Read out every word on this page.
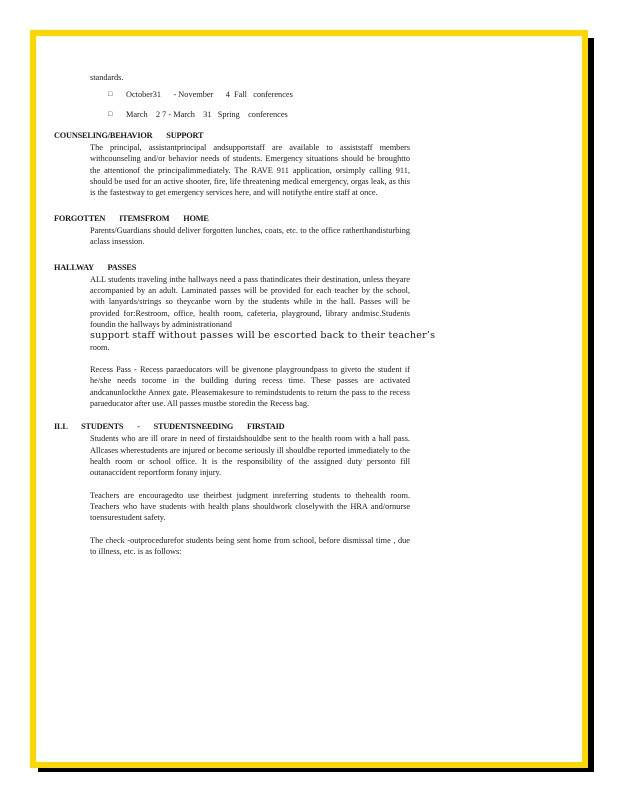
standards.
□	October31      - November      4  Fall   conferences
□	March    2 7 - March    31   Spring    conferences
COUNSELING/BEHAVIOR SUPPORT

The principal, assistantprincipal andsupportstaff are available to assiststaff members withcounseling and/or behavior needs of students. Emergency situations should be broughtto the attentionof the principalimmediately. The RAVE 911 application, orsimply calling 911, should be used for an active shooter, fire, life threatening medical emergency, orgas leak, as this is the fastestway to get emergency services here, and will notifythe entire staff at once.

FORGOTTEN ITEMSFROM HOME

Parents/Guardians should deliver forgotten lunches, coats, etc. to the office ratherthandisturbing aclass insession.

HALLWAY PASSES

ALL students traveling inthe hallways need a pass thatindicates their destination, unless theyare accompanied by an adult. Laminated passes will be provided for each teacher by the school, with lanyards/strings so theycanbe worn by the students while in the hall. Passes will be provided for:Restroom, office, health room, cafeteria, playground, library andmisc.Students foundin the hallways by administrationand

support staff without passes will be escorted back to their teacher’s
room.

Recess Pass - Recess paraeducators will be givenone playgroundpass to giveto the student if he/she needs tocome in the building during recess time. These passes are activated andcanunlockthe Annex gate. Pleasemakesure to remindstudents to return the pass to the recess paraeducator after use. All passes mustbe storedin the Recess bag.

ILL STUDENTS - STUDENTSNEEDING FIRSTAID

Students who are ill orare in need of firstaidshouldbe sent to the health room with a hall pass. Allcases wherestudents are injured or become seriously ill shouldbe reported immediately to the health room or school office. It is the responsibility of the assigned duty personto fill outanaccident reportform forany injury.

Teachers are encouragedto use theirbest judgment inreferring students to thehealth room. Teachers who have students with health plans shouldwork closelywith the HRA and/ornurse toensurestudent safety.

The check -outprocedurefor students being sent home from school, before dismissal time , due to illness, etc. is as follows:
